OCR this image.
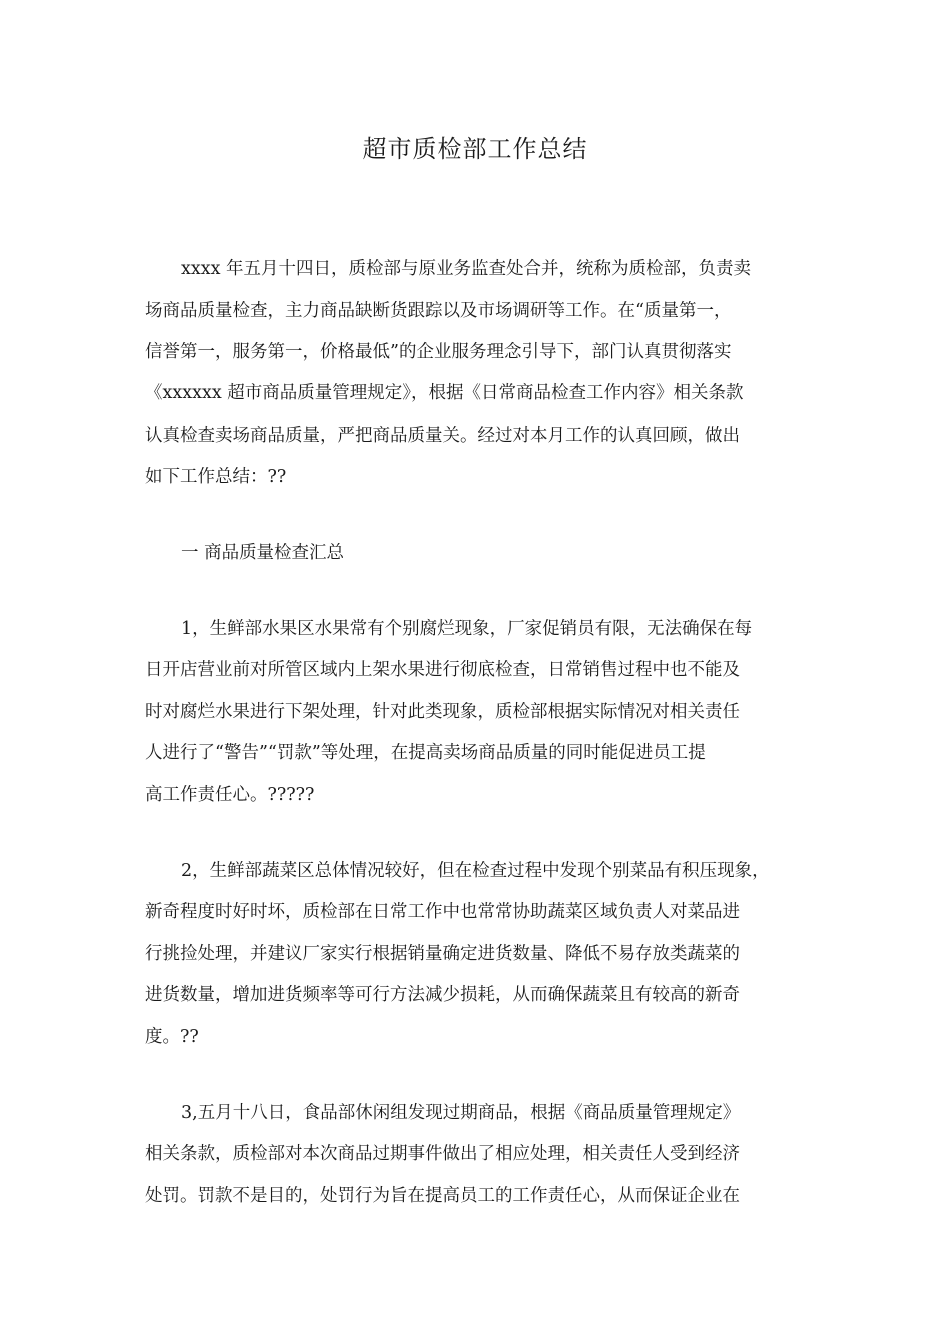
超市质检部工作总结
xxxx 年五月十四日，质检部与原业务监查处合并，统称为质检部，负责卖
场商品质量检查，主力商品缺断货跟踪以及市场调研等工作。在“质量第一，
信誉第一，服务第一，价格最低”的企业服务理念引导下，部门认真贯彻落实
《xxxxxx 超市商品质量管理规定》，根据《日常商品检查工作内容》相关条款
认真检查卖场商品质量，严把商品质量关。经过对本月工作的认真回顾，做出
如下工作总结：??
一 商品质量检查汇总
1，生鲜部水果区水果常有个别腐烂现象，厂家促销员有限，无法确保在每
日开店营业前对所管区域内上架水果进行彻底检查，日常销售过程中也不能及
时对腐烂水果进行下架处理，针对此类现象，质检部根据实际情况对相关责任
人进行了“警告”“罚款”等处理，在提高卖场商品质量的同时能促进员工提
高工作责任心。?????
2，生鲜部蔬菜区总体情况较好，但在检查过程中发现个别菜品有积压现象，
新奇程度时好时坏，质检部在日常工作中也常常协助蔬菜区域负责人对菜品进
行挑捡处理，并建议厂家实行根据销量确定进货数量、降低不易存放类蔬菜的
进货数量，增加进货频率等可行方法减少损耗，从而确保蔬菜且有较高的新奇
度。??
3,五月十八日，食品部休闲组发现过期商品，根据《商品质量管理规定》
相关条款，质检部对本次商品过期事件做出了相应处理，相关责任人受到经济
处罚。罚款不是目的，处罚行为旨在提高员工的工作责任心，从而保证企业在
